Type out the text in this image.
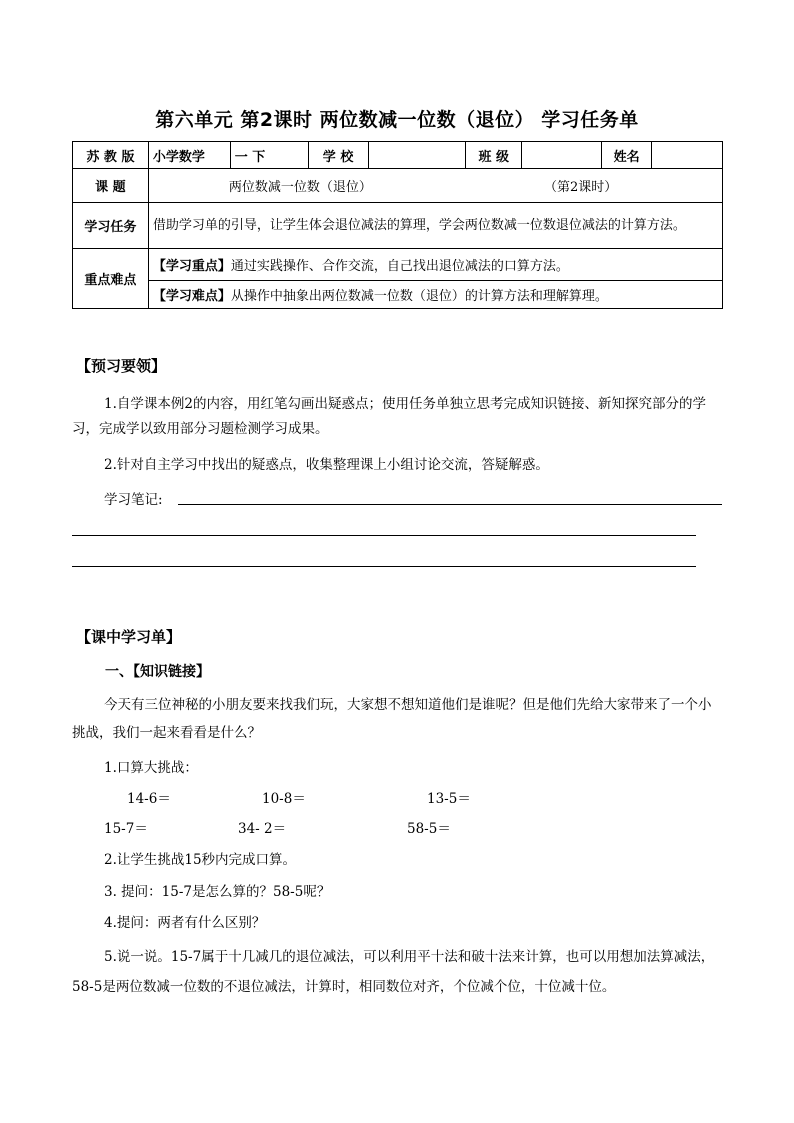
第六单元 第2课时 两位数减一位数（退位） 学习任务单
苏 教 版	小学数学	一 下	学 校		班 级		姓名	
课 题	两位数减一位数（退位） （第2课时）							
学习任务	借助学习单的引导，让学生体会退位减法的算理，学会两位数减一位数退位减法的计算方法。							
重点难点	【学习重点】通过实践操作、合作交流，自己找出退位减法的口算方法。							
	【学习难点】从操作中抽象出两位数减一位数（退位）的计算方法和理解算理。							
【预习要领】
1.自学课本例2的内容，用红笔勾画出疑惑点；使用任务单独立思考完成知识链接、新知探究部分的学习，完成学以致用部分习题检测学习成果。
2.针对自主学习中找出的疑惑点，收集整理课上小组讨论交流，答疑解惑。
学习笔记:
【课中学习单】
一、【知识链接】
今天有三位神秘的小朋友要来找我们玩，大家想不想知道他们是谁呢？但是他们先给大家带来了一个小挑战，我们一起来看看是什么？
1.口算大挑战：
14-6＝	10-8＝	13-5＝
15-7＝	34- 2＝	58-5＝
2.让学生挑战15秒内完成口算。
3. 提问：15-7是怎么算的？58-5呢？
4.提问：两者有什么区别？
5.说一说。15-7属于十几减几的退位减法，可以利用平十法和破十法来计算，也可以用想加法算减法，58-5是两位数减一位数的不退位减法，计算时，相同数位对齐，个位减个位，十位减十位。
